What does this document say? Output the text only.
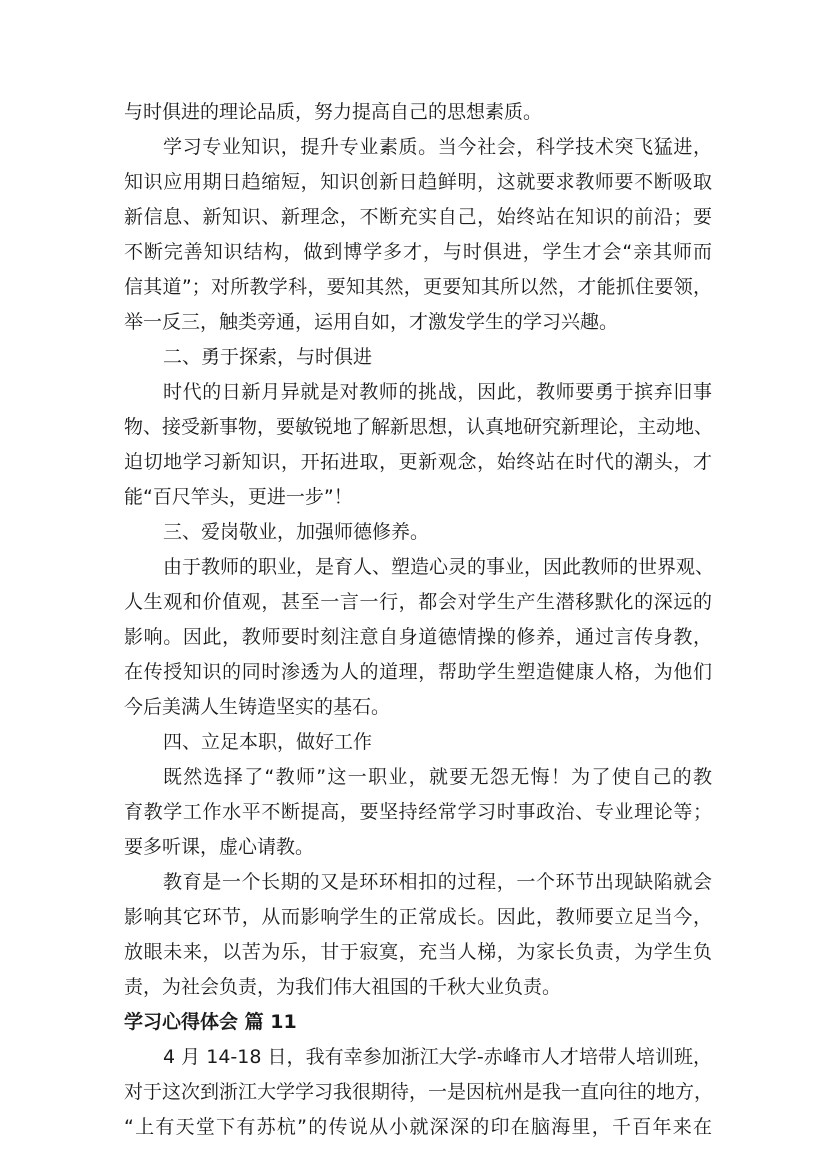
与时俱进的理论品质，努力提高自己的思想素质。
学习专业知识，提升专业素质。当今社会，科学技术突飞猛进，
知识应用期日趋缩短，知识创新日趋鲜明，这就要求教师要不断吸取
新信息、新知识、新理念，不断充实自己，始终站在知识的前沿；要
不断完善知识结构，做到博学多才，与时俱进，学生才会“亲其师而
信其道”；对所教学科，要知其然，更要知其所以然，才能抓住要领，
举一反三，触类旁通，运用自如，才激发学生的学习兴趣。
二、勇于探索，与时俱进
时代的日新月异就是对教师的挑战，因此，教师要勇于摈弃旧事
物、接受新事物，要敏锐地了解新思想，认真地研究新理论，主动地、
迫切地学习新知识，开拓进取，更新观念，始终站在时代的潮头，才
能“百尺竿头，更进一步”！
三、爱岗敬业，加强师德修养。
由于教师的职业，是育人、塑造心灵的事业，因此教师的世界观、
人生观和价值观，甚至一言一行，都会对学生产生潜移默化的深远的
影响。因此，教师要时刻注意自身道德情操的修养，通过言传身教，
在传授知识的同时渗透为人的道理，帮助学生塑造健康人格，为他们
今后美满人生铸造坚实的基石。
四、立足本职，做好工作
既然选择了“教师”这一职业，就要无怨无悔！为了使自己的教
育教学工作水平不断提高，要坚持经常学习时事政治、专业理论等；
要多听课，虚心请教。
教育是一个长期的又是环环相扣的过程，一个环节出现缺陷就会
影响其它环节，从而影响学生的正常成长。因此，教师要立足当今，
放眼未来，以苦为乐，甘于寂寞，充当人梯，为家长负责，为学生负
责，为社会负责，为我们伟大祖国的千秋大业负责。
学习心得体会 篇 11
4 月 14-18 日，我有幸参加浙江大学-赤峰市人才培带人培训班，
对于这次到浙江大学学习我很期待，一是因杭州是我一直向往的地方，
“上有天堂下有苏杭”的传说从小就深深的印在脑海里，千百年来在
